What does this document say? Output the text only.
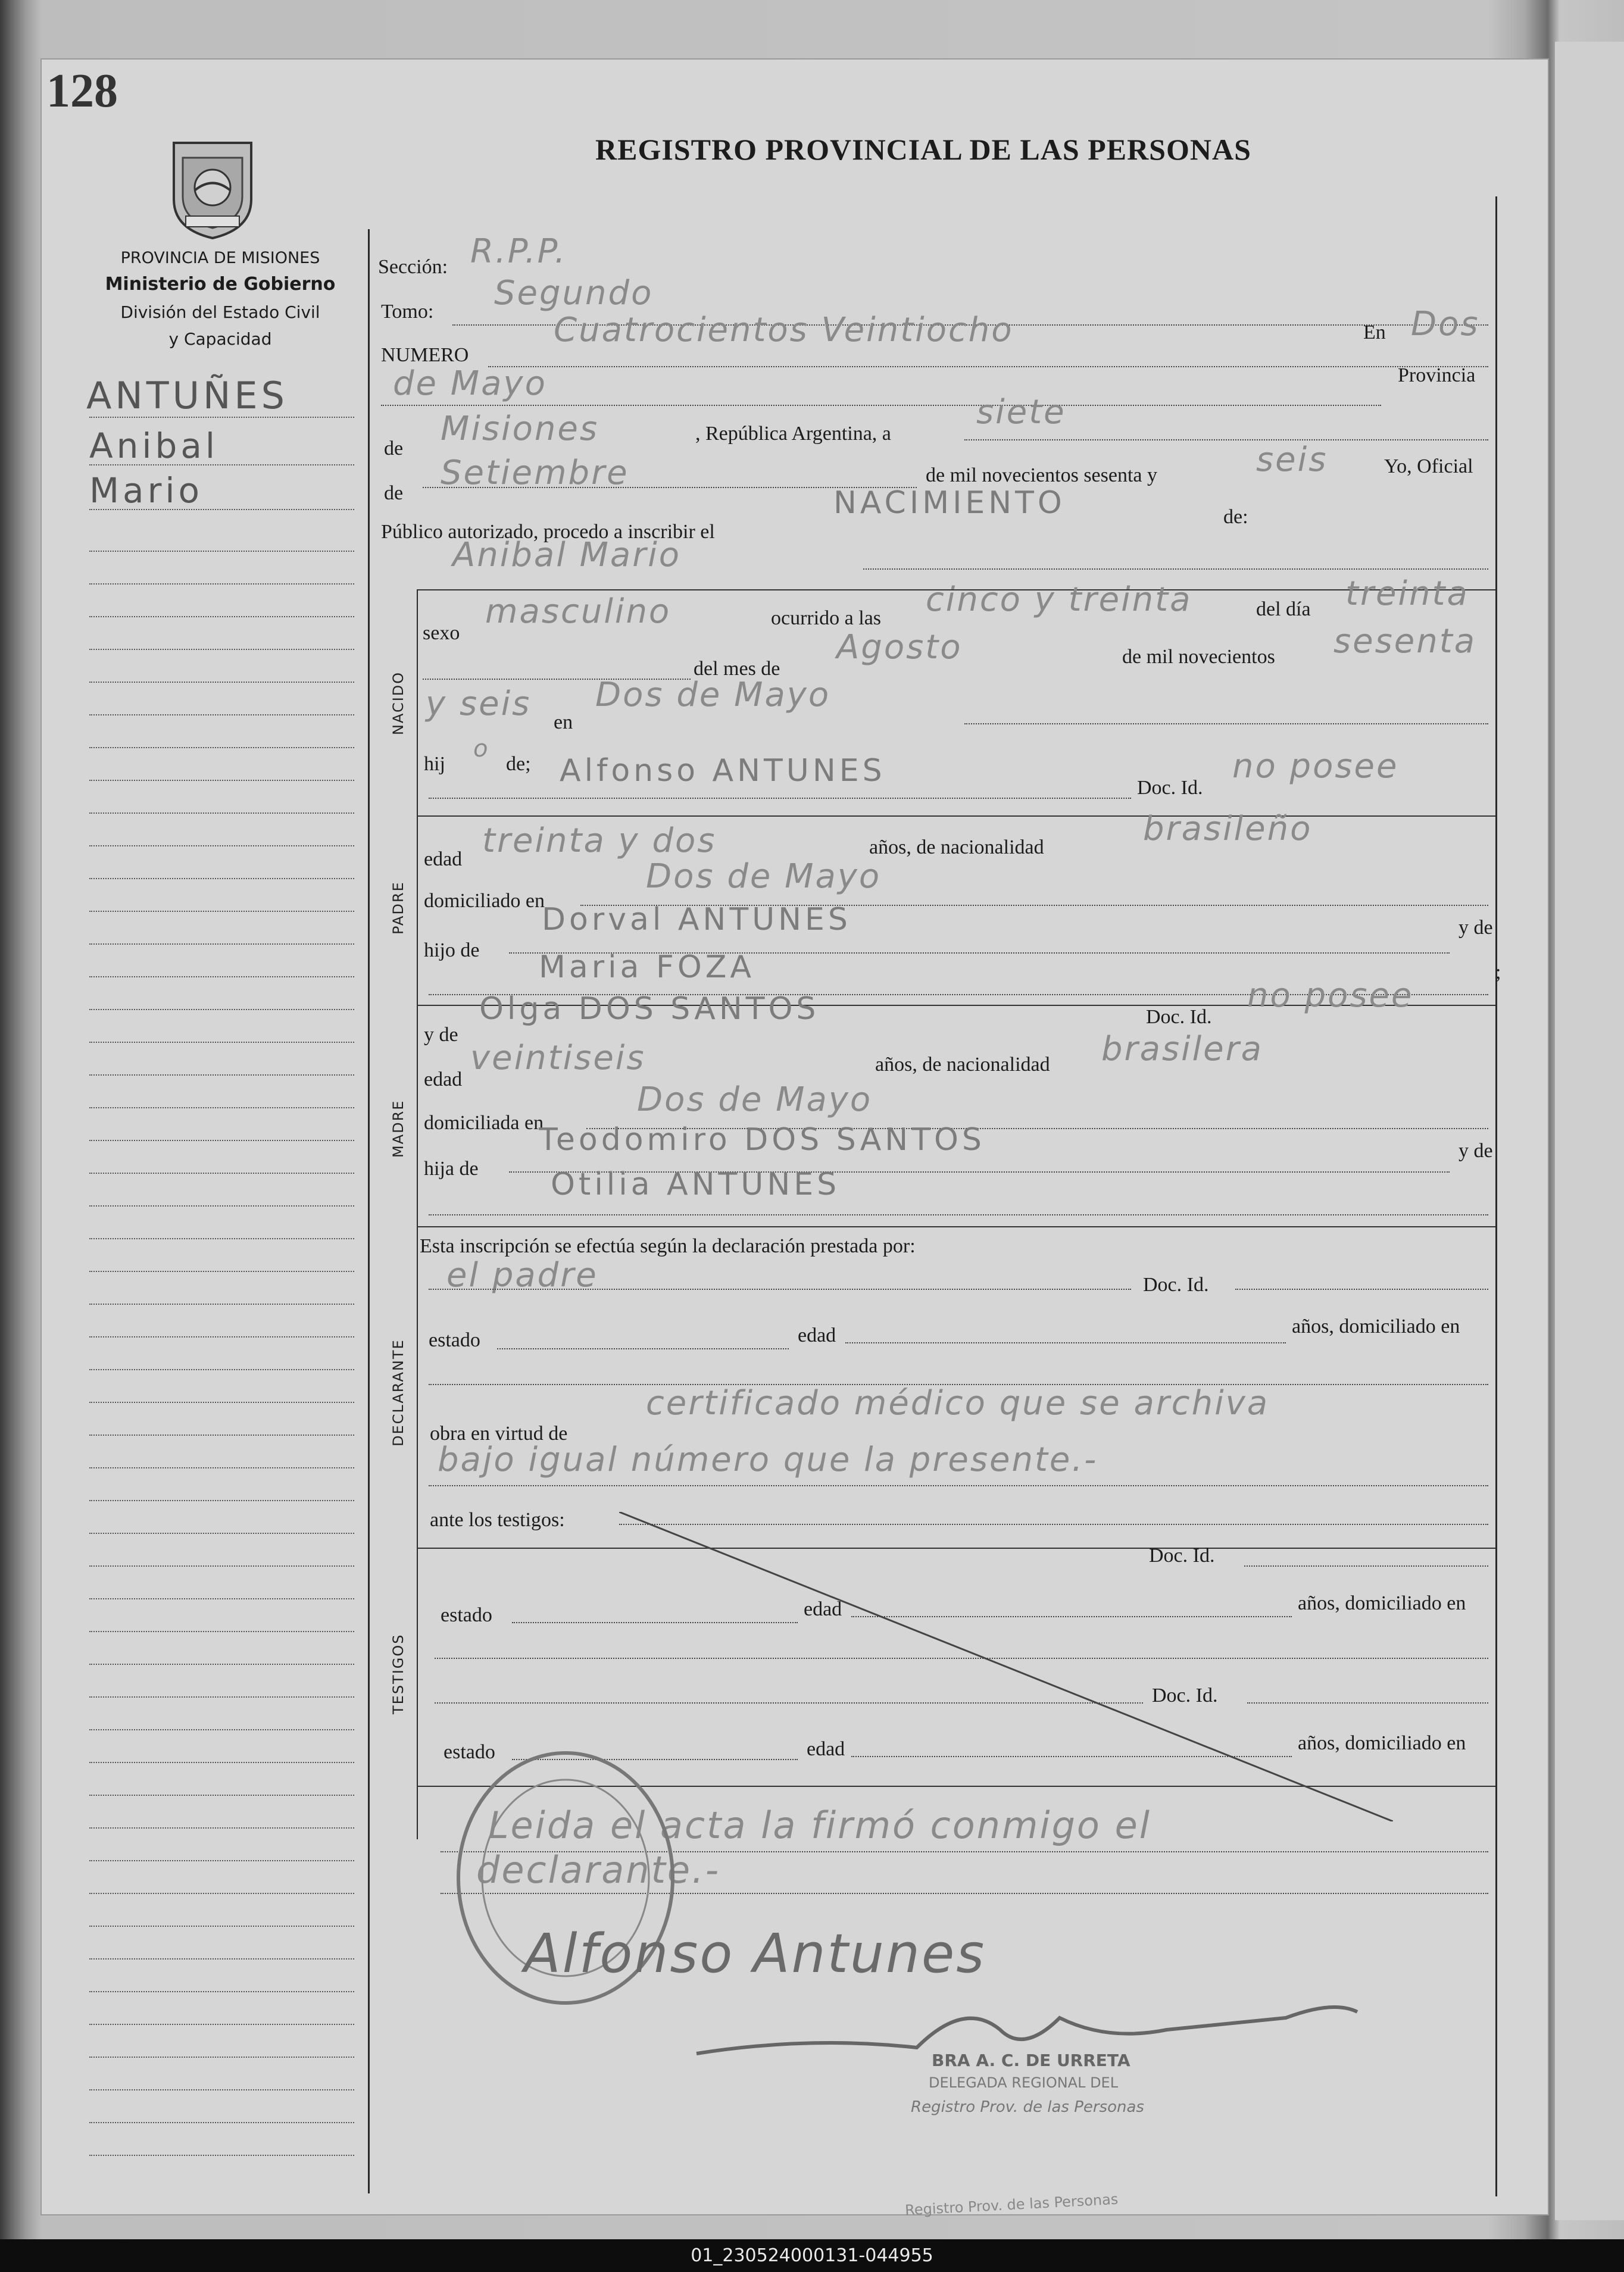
128
PROVINCIA DE MISIONES
Ministerio de Gobierno
División del Estado Civil
y Capacidad
REGISTRO PROVINCIAL DE LAS PERSONAS
ANTUÑES
Anibal
Mario
NACIDO
PADRE
MADRE
DECLARANTE
TESTIGOS
Sección: R.P.P.
Tomo: Segundo
NUMERO
Cuatrocientos Veintiocho	En Dos
de Mayo	Provincia
de
Misiones	, República Argentina, a
siete
de
Setiembre	de mil novecientos sesenta y	seis	Yo, Oficial
Público autorizado, procedo a inscribir el
NACIMIENTO	de:
Anibal Mario
sexo
masculino	ocurrido a las cinco y treinta	del día treinta
del mes de
Agosto	de mil novecientos sesenta
y seis en
Dos de Mayo
hij
o
de; Alfonso ANTUNES	Doc. Id.
no posee
edad treinta y dos	años, de nacionalidad	brasileño
domiciliado en
Dos de Mayo
hijo de
Dorval ANTUNES	y de
Maria FOZA	;
y de
Olga DOS SANTOS	Doc. Id.
no posee
edad
veintiseis	años, de nacionalidad brasilera
domiciliada en
Dos de Mayo
hija de
Teodomiro DOS SANTOS	y de
Otilia ANTUNES
Esta inscripción se efectúa según la declaración prestada por:
el padre	Doc. Id.
estado	edad	años, domiciliado en
obra en virtud de
certificado médico que se archiva
bajo igual número que la presente.-
ante los testigos:
Doc. Id.
estado	edad	años, domiciliado en
Doc. Id.
estado	edad	años, domiciliado en
Leida el acta la firmó conmigo el
declarante.-
Alfonso Antunes
BRA A. C. DE URRETA
DELEGADA REGIONAL DEL
Registro Prov. de las Personas
Registro Prov. de las Personas
01_230524000131-044955
